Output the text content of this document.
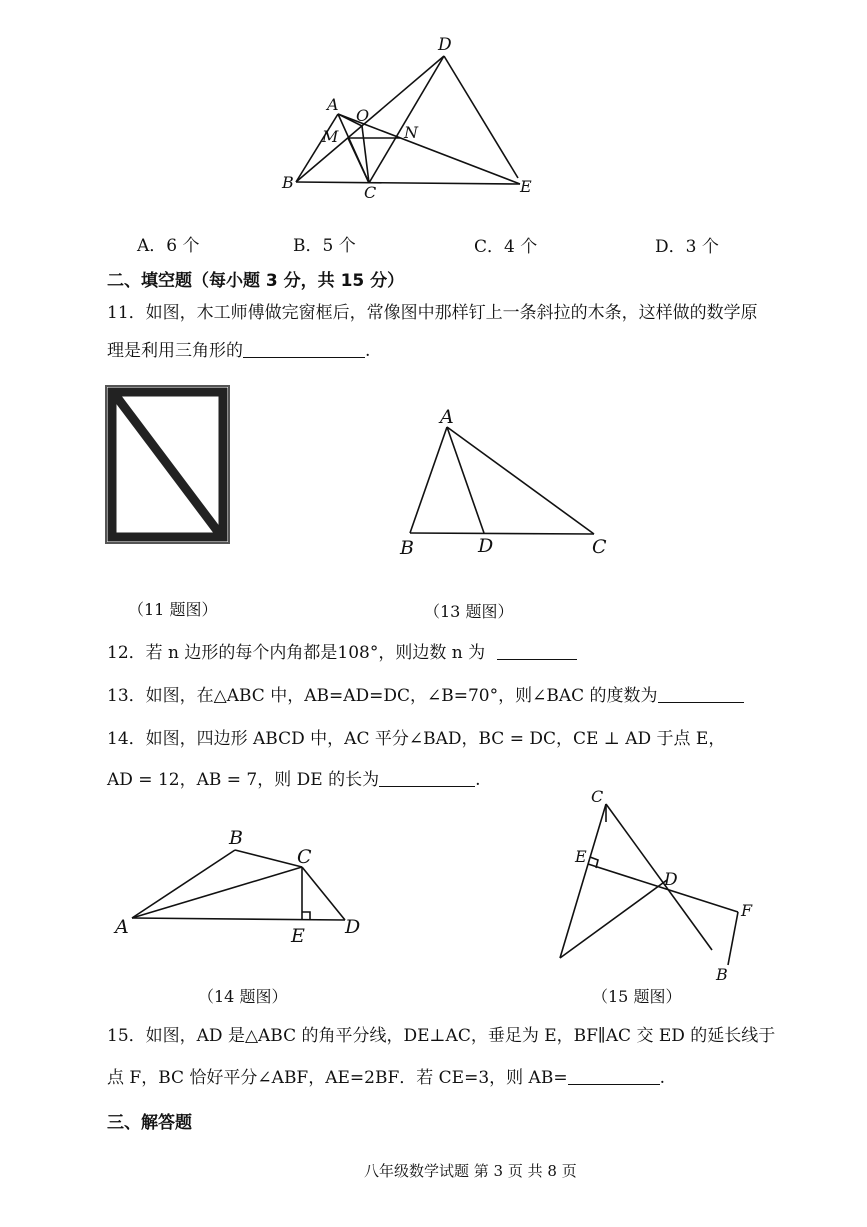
D
A
O
M	N
B
C	E
A．6 个	B．5 个	C．4 个	D．3 个
二、填空题（每小题 3 分，共 15 分）
11．如图，木工师傅做完窗框后，常像图中那样钉上一条斜拉的木条，这样做的数学原
理是利用三角形的	.
A
B	D	C
（11 题图）	（13 题图）
12．若 n 边形的每个内角都是108°，则边数 n 为
13．如图，在△ABC 中，AB=AD=DC，∠B=70°，则∠BAC 的度数为
14．如图，四边形 ABCD 中，AC 平分∠BAD，BC = DC，CE ⊥ AD 于点 E，
AD = 12，AB = 7，则 DE 的长为	.
A
B
C
E D
C
E
D
F
B
（14 题图）	（15 题图）
15．如图，AD 是△ABC 的角平分线，DE⊥AC，垂足为 E，BF∥AC 交 ED 的延长线于
点 F，BC 恰好平分∠ABF，AE=2BF．若 CE=3，则 AB=	.
三、解答题
八年级数学试题 第 3 页 共 8 页
